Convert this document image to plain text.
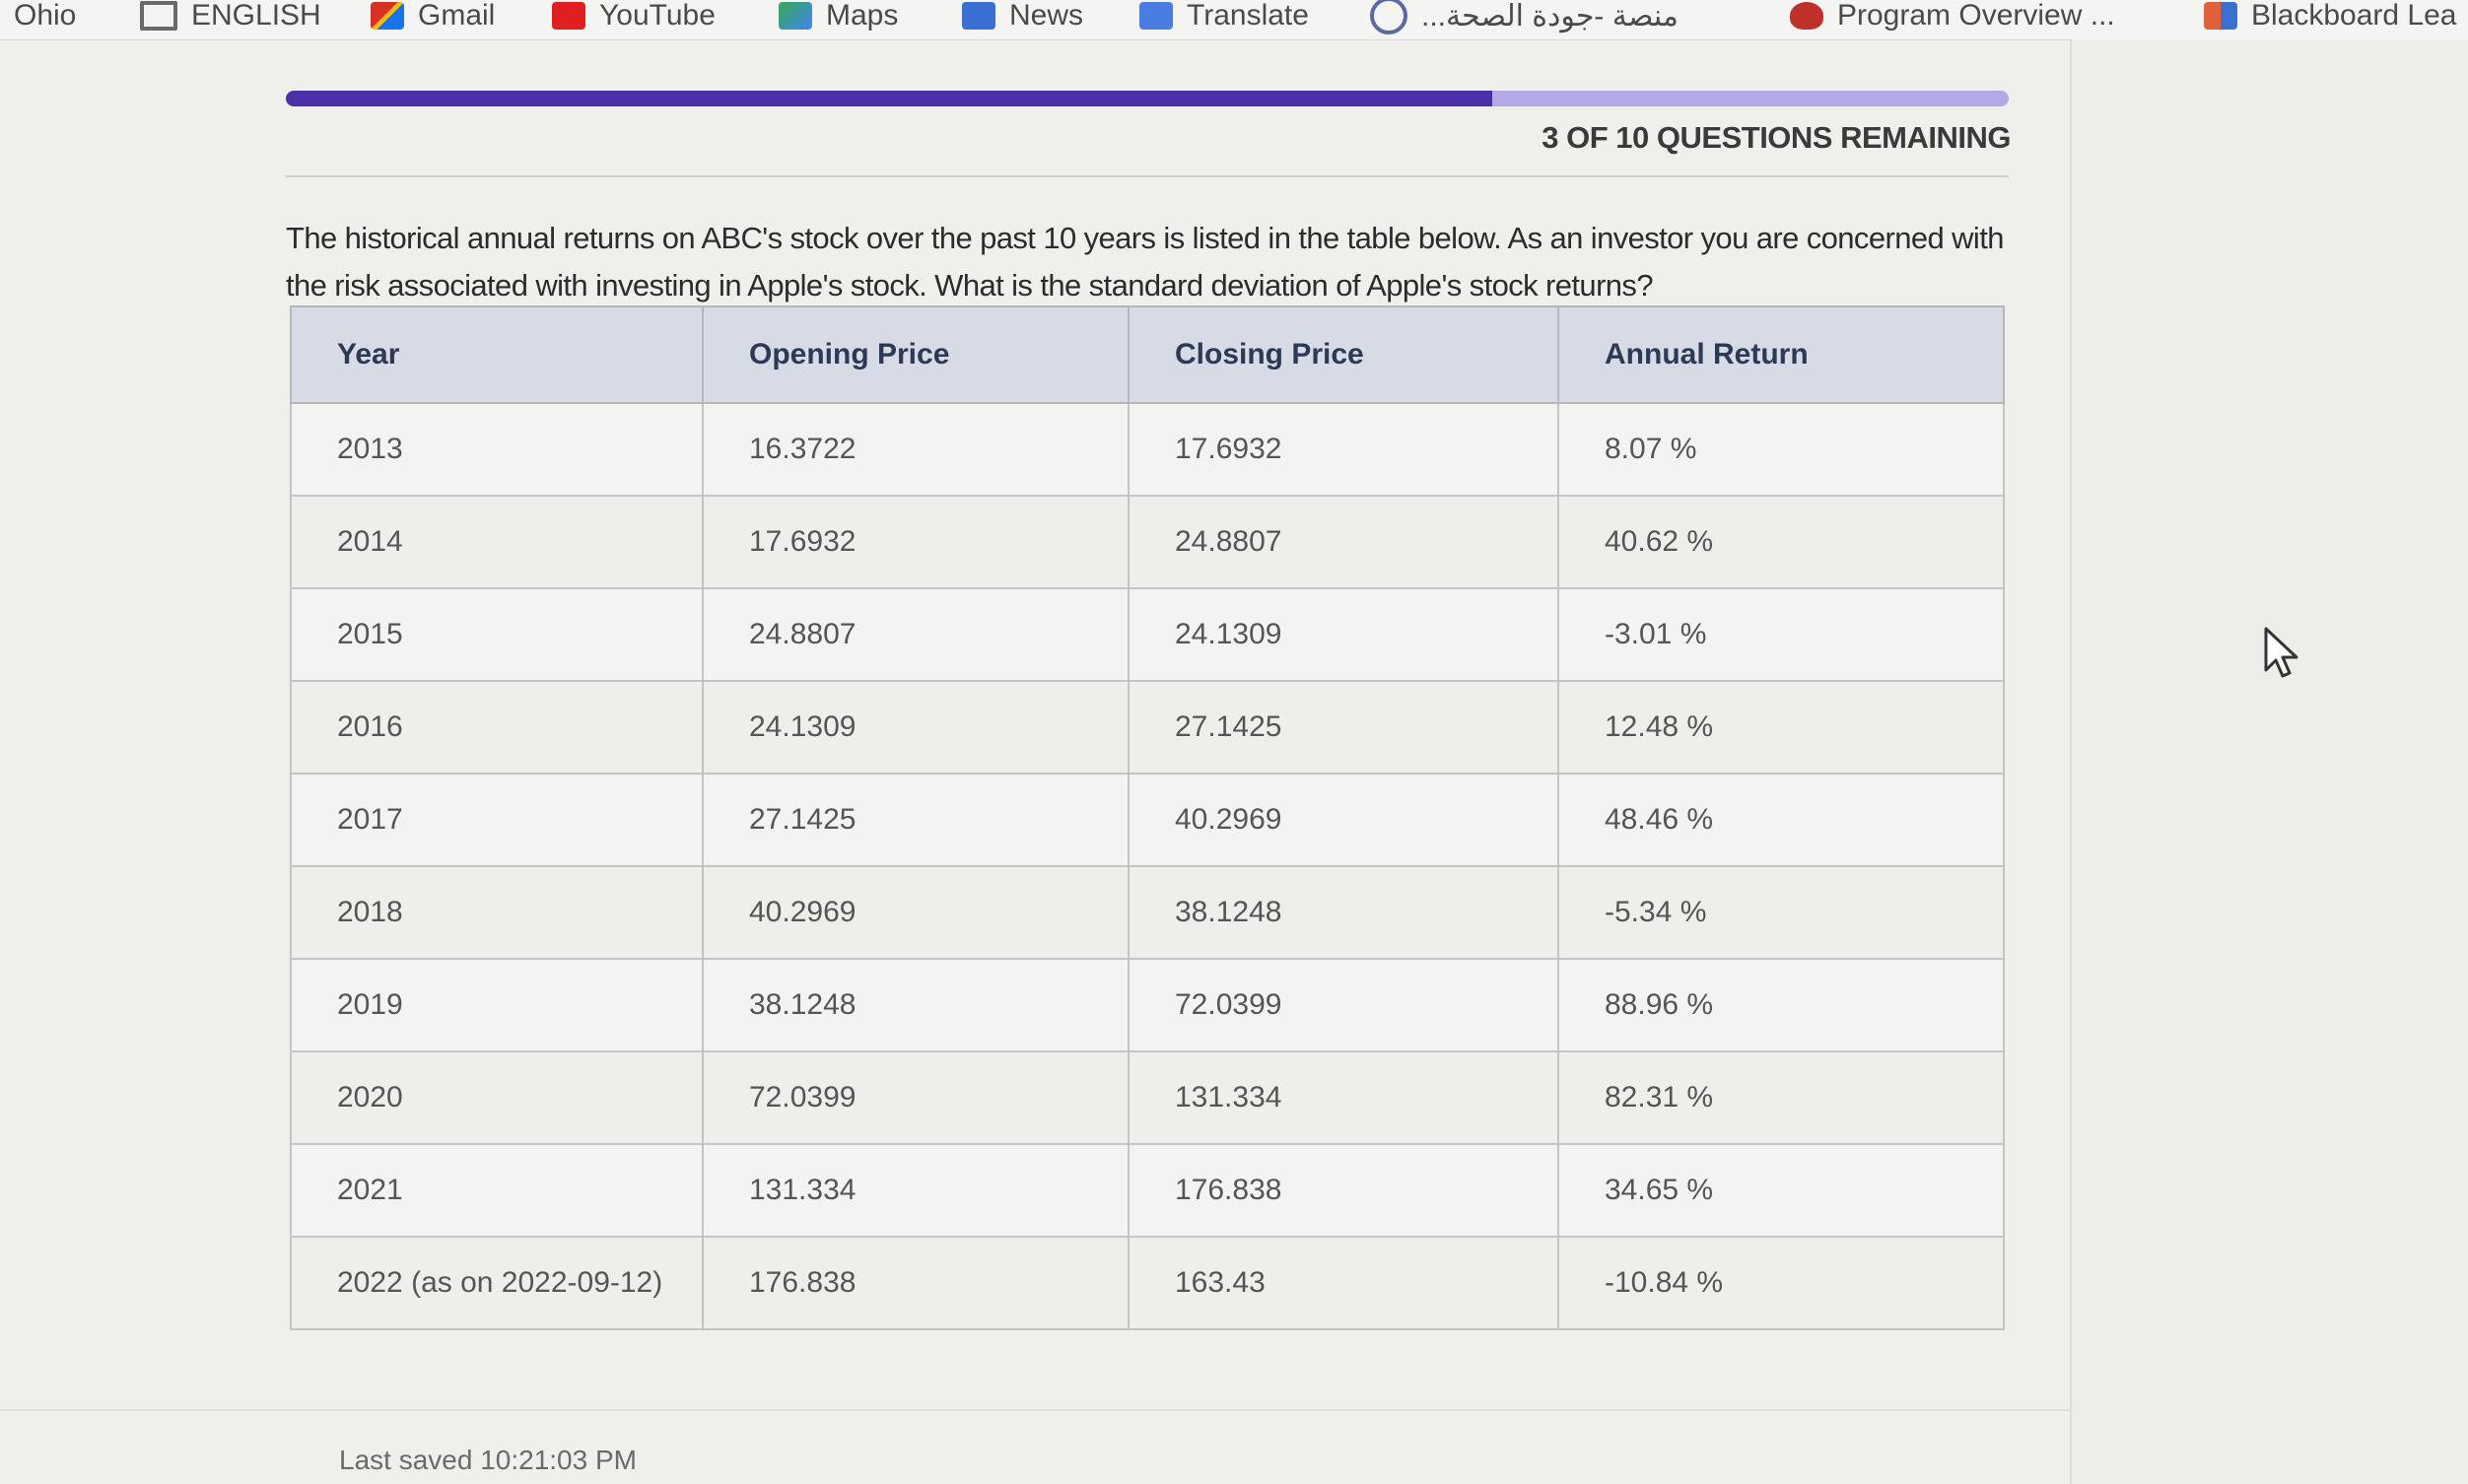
Ohio	ENGLISH	Gmail	YouTube	Maps	News	Translate	...منصة -جودة الصحة	Program Overview ...	Blackboard Lea
3 OF 10 QUESTIONS REMAINING
The historical annual returns on ABC's stock over the past 10 years is listed in the table below. As an investor you are concerned with the risk associated with investing in Apple's stock. What is the standard deviation of Apple's stock returns?
Year	Opening Price	Closing Price	Annual Return
2013	16.3722	17.6932	8.07 %
2014	17.6932	24.8807	40.62 %
2015	24.8807	24.1309	-3.01 %
2016	24.1309	27.1425	12.48 %
2017	27.1425	40.2969	48.46 %
2018	40.2969	38.1248	-5.34 %
2019	38.1248	72.0399	88.96 %
2020	72.0399	131.334	82.31 %
2021	131.334	176.838	34.65 %
2022 (as on 2022-09-12)	176.838	163.43	-10.84 %
Last saved 10:21:03 PM
